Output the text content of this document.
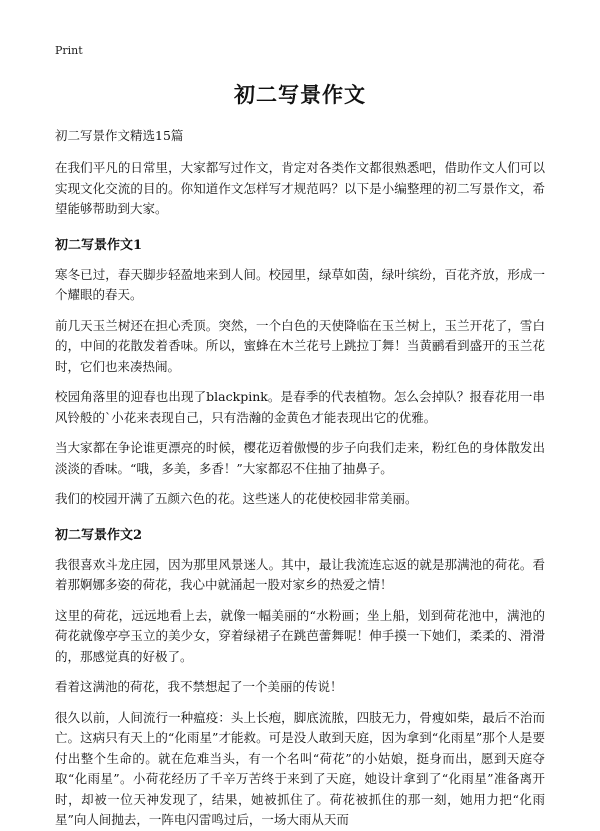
Print
初二写景作文
初二写景作文精选15篇

在我们平凡的日常里，大家都写过作文，肯定对各类作文都很熟悉吧，借助作文人们可以实现文化交流的目的。你知道作文怎样写才规范吗？以下是小编整理的初二写景作文，希望能够帮助到大家。

初二写景作文1

寒冬已过，春天脚步轻盈地来到人间。校园里，绿草如茵，绿叶缤纷，百花齐放，形成一个耀眼的春天。

前几天玉兰树还在担心秃顶。突然，一个白色的天使降临在玉兰树上，玉兰开花了，雪白的，中间的花散发着香味。所以，蜜蜂在木兰花号上跳拉丁舞！当黄鹂看到盛开的玉兰花时，它们也来凑热闹。

校园角落里的迎春也出现了blackpink。是春季的代表植物。怎么会掉队？报春花用一串风铃般的`小花来表现自己，只有浩瀚的金黄色才能表现出它的优雅。

当大家都在争论谁更漂亮的时候，樱花迈着傲慢的步子向我们走来，粉红色的身体散发出淡淡的香味。“哦，多美，多香！”大家都忍不住抽了抽鼻子。

我们的校园开满了五颜六色的花。这些迷人的花使校园非常美丽。

初二写景作文2

我很喜欢斗龙庄园，因为那里风景迷人。其中，最让我流连忘返的就是那满池的荷花。看着那婀娜多姿的荷花，我心中就涌起一股对家乡的热爱之情！

这里的荷花，远远地看上去，就像一幅美丽的“水粉画；坐上船，划到荷花池中，满池的荷花就像亭亭玉立的美少女，穿着绿裙子在跳芭蕾舞呢！伸手摸一下她们，柔柔的、滑滑的，那感觉真的好极了。

看着这满池的荷花，我不禁想起了一个美丽的传说！

很久以前，人间流行一种瘟疫：头上长疱，脚底流脓，四肢无力，骨瘦如柴，最后不治而亡。这病只有天上的“化雨星”才能救。可是没人敢到天庭，因为拿到“化雨星”那个人是要付出整个生命的。就在危难当头，有一个名叫“荷花”的小姑娘，挺身而出，愿到天庭夺取“化雨星”。小荷花经历了千辛万苦终于来到了天庭，她设计拿到了“化雨星”准备离开时，却被一位天神发现了，结果，她被抓住了。荷花被抓住的那一刻，她用力把“化雨星”向人间抛去，一阵电闪雷鸣过后，一场大雨从天而
